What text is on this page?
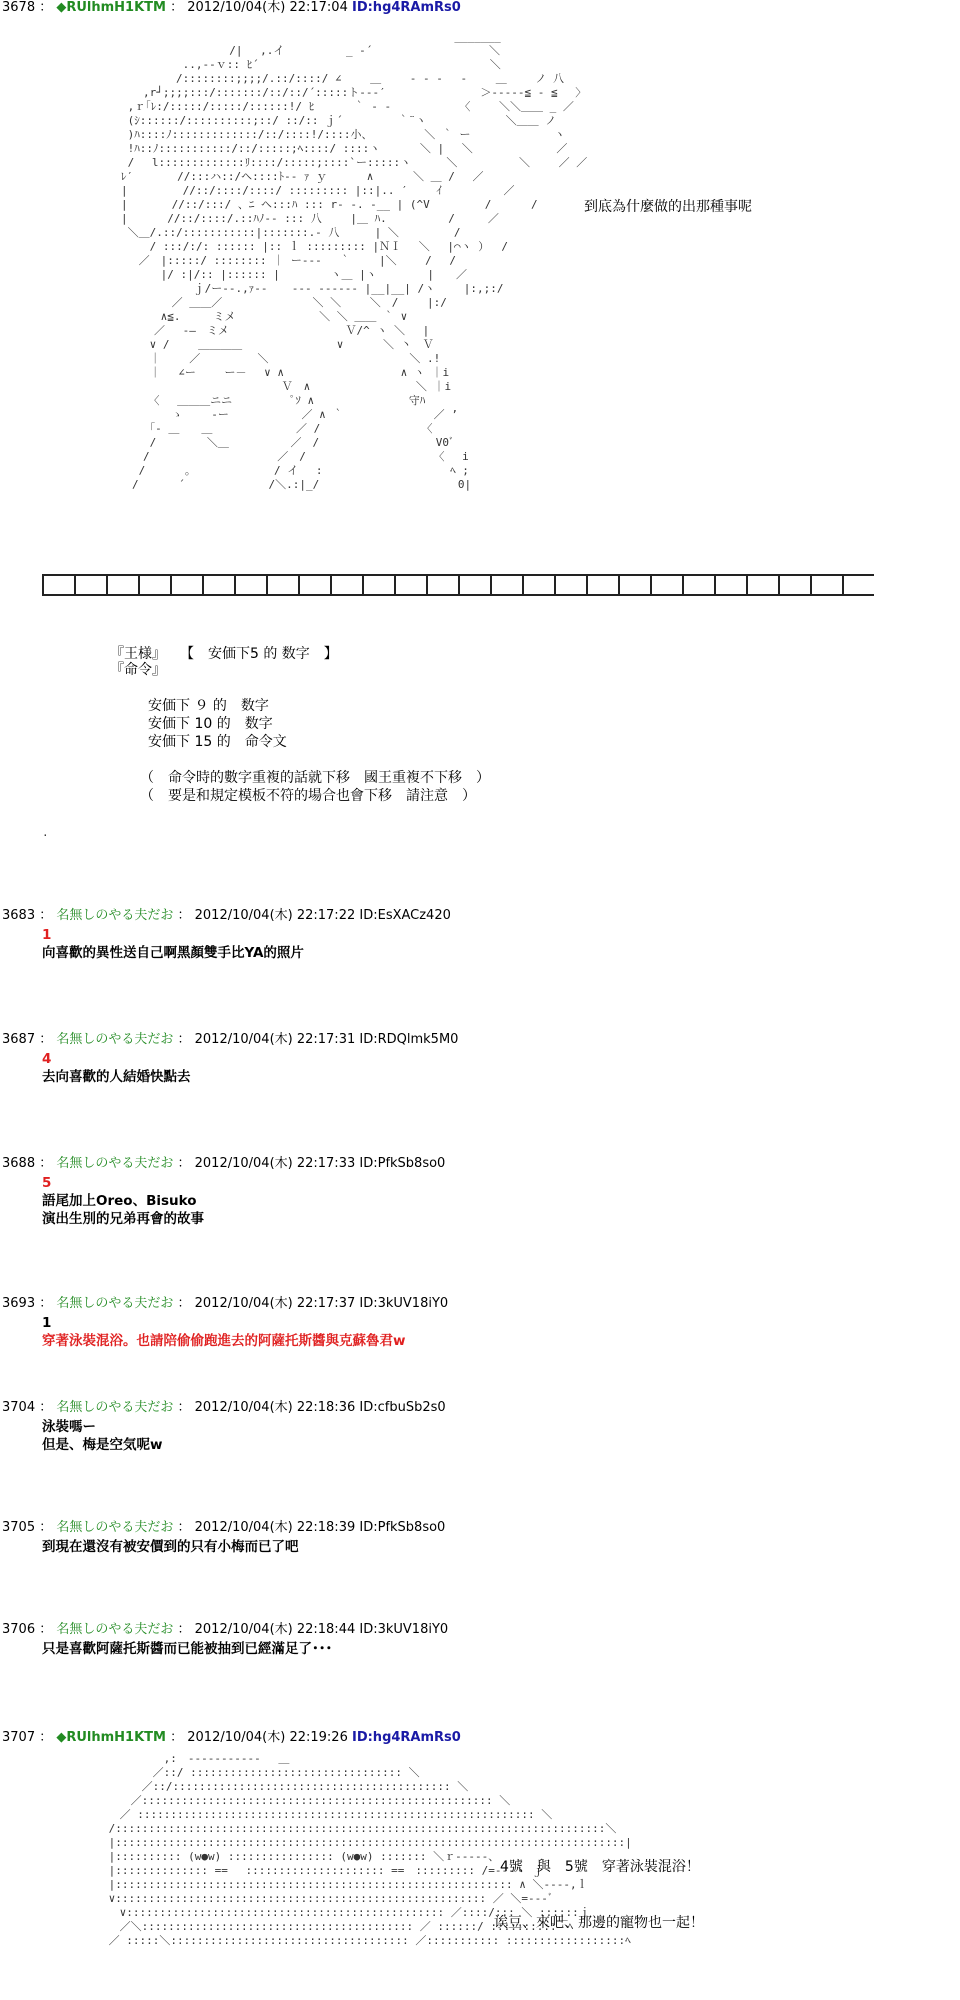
3678 ： ◆RUlhmH1KTM ： 2012/10/04(木) 22:17:04 ID:hg4RAmRs0
_______
/|　 ,.イ　　　　　 _ ‐´　　　　　　　　　　 ＼
　　　　　　 ..,--ｖ:: ﾋ´　　　　　　　　　　　　　　　　　　　　　＼
　　　　　　/::::::::;;;;/.::/::::/ ∠　　 ＿　　 ‐ ‐ ‐　 -　　 ＿　　 ノ 八
　　　,r┘;;;;:::/:::::::/::/::/´:::::ト‐‐‐′　　　　　　　　 ＞‐‐‐‐‐≦ - ≦　 〉
　 ,ｒ｢ﾚ:/:::::/:::::/::::::!/ ﾋ　　　 ｀ ‐ ‐ 　　　　　 〈　　 ＼＼＿＿ _ ／
　 (ｼ::::::/::::::::::;::/ ::/:: ｊ´　　　　　｀¨ヽ　　 　　　　 ＼＿＿ ノ
　 )ﾊ::::ﾉ:::::::::::::/::/::::!/::::小、　 　　　 ＼ ｀ ー　　　　　　　 ヽ
　 !ﾊ::ﾉ:::::::::::/::/:::::;ﾍ::::/ ::::ヽ　　　 ＼ |　 ＼　　　　　　　 ／
　 /　 l:::::::::::::ﾘ::::/:::::;::::`ー:::::ヽ　 　 ＼　　　　　 ＼　　 ／ ／
　ﾚ′　　　　//:::ハ::/ヘ::::ﾄ-‐ ｧ ｙ　　　 ∧　　　 ＼ ＿ / 　／
　|　　　　　//::/::::/::::/ ::::::::: |::|.. ′　　 ｲ　　　　 　／
　|　　　　//::/:::/ 、ﾆ ヘ:::ﾊ ::: r‐ ‐. -__ | (^V　　　　　/　　　 /
　|　　　 //::/::::/.::ﾊﾉ‐‐ ::: 八　　 |＿ ﾊ.　　　　　 /　　　／
　 ＼＿/.::/:::::::::::|:::::::.‐ 八　 　 | ＼　　　　　/
　　　 / :::/:/: :::::: |:: ｌ ::::::::: |ＮⅠ　 ＼　 |⌒ヽ ）　 /
　　 ／　|:::::/ :::::::: ｜ ー‐‐‐　 ｀　　 |＼　　 / 　/
　　　　 |/ :|/:: |:::::: |　　　　 ヽ＿ |ヽ　　　　 |　　／
　　　　　　　 ｊ/ー‐‐.,ｧ‐‐ 　 ‐‐‐ -‐‐‐‐‐ |__|__| /ヽ　　 |:,;:/
　　　　　 ／ ＿＿／　　　　　 　　 ＼ ＼　　 ＼　/　　 |:/
　　　　 ∧≦.　　　ミメ　　　　　　　 ＼ ＼ ＿＿ ｀ ∨
　　　　／　 ‐―　ミメ　　　　　　　　　　 Ｖ/^ ヽ ＼　 |
　　　 ∨ /　　 ＿＿＿＿　　　　　　　　 ∨　　　 ＼ 丶　Ｖ
　　　 ｜　　 ／ 　　　　 ＼　　　　　　 　 　　　　 ＼ .!
　　　 ｜　 ∠ー　　 ー－　 ∨ ∧　　　　　　　　　　 ∧ ヽ ｜i
　　　　　　　　　　　　　　　 Ｖ　∧　　　　　　　　　 ＼ ｜i
　　　　〈　 ＿＿＿ニニ　　　　　 ﾟｿ ∧　　　　　　　　 守ﾊ
　　　　　 ゝ　　 ‐ー　　　　　　 ／ ∧ ｀ 　　　　　　　 ／ ’
　　　 ｢‐ ＿　　＿　　　　　　　 ／ / 　　　　　　　　 〈
　　　 /　　　　 ＼＿　　　　　 ／　/　　　　　　　　　　 V0ﾞ
　　　/　　　　　　　　　　　 ／　/　　　　　　　　　　　 〈　 i
　　 /　　　 ｡　　　　　　　 / イ　 :　　　　　　　　　　　 ﾍ ;
　　/　　　 ´　　　　　　　 /＼.:|_/　　　　　　　　　　　　 0|
到底為什麼做的出那種事呢

『王様』　　 【　安価下5 的 数字　】

『命令』
安価下 ９ 的　数字
安価下 10 的　数字
安価下 15 的　命令文
（　命令時的數字重複的話就下移　國王重複不下移　）
（　要是和規定模板不符的場合也會下移　請注意　）
.
3683 ： 名無しのやる夫だお ： 2012/10/04(木) 22:17:22 ID:EsXACz420
1
向喜歡的異性送自己啊黑顏雙手比YA的照片
3687 ： 名無しのやる夫だお ： 2012/10/04(木) 22:17:31 ID:RDQlmk5M0
4
去向喜歡的人結婚快點去
3688 ： 名無しのやる夫だお ： 2012/10/04(木) 22:17:33 ID:PfkSb8so0
5
語尾加上Oreo、Bisuko
演出生別的兄弟再會的故事
3693 ： 名無しのやる夫だお ： 2012/10/04(木) 22:17:37 ID:3kUV18iY0
1
穿著泳裝混浴。也請陪偷偷跑進去的阿薩托斯醬與克蘇魯君w
3704 ： 名無しのやる夫だお ： 2012/10/04(木) 22:18:36 ID:cfbuSb2s0
泳裝嗎ー
但是、梅是空気呢w
3705 ： 名無しのやる夫だお ： 2012/10/04(木) 22:18:39 ID:PfkSb8so0
到現在還沒有被安價到的只有小梅而已了吧
3706 ： 名無しのやる夫だお ： 2012/10/04(木) 22:18:44 ID:3kUV18iY0
只是喜歡阿薩托斯醬而已能被抽到已經滿足了･･･
3707 ： ◆RUlhmH1KTM ： 2012/10/04(木) 22:19:26 ID:hg4RAmRs0
　　　　　　　 ,:　‐‐‐‐‐‐‐‐‐‐‐　 ＿
　　　　　　 ／::/ :::::::::::::::::::::::::::::::: ＼
　　　　　 ／::/:::::::::::::::::::::::::::::::::::::::::: ＼
　　　　 ／::::::::::::::::::::::::::::::::::::::::::::::::::::: ＼
　　　 ／ :::::::::::::::::::::::::::::::::::::::::::::::::::::::::::: ＼
　　 /::::::::::::::::::::::::::::::::::::::::::::::::::::::::::::::::::::::::::＼
　　 |:::::::::::::::::::::::::::::::::::::::::::::::::::::::::::::::::::::::::::::|
　　 |:::::::::: (w●w) :::::::::::::::: (w●w) ::::::: ＼ｒ-‐-‐-、
　　 |:::::::::::::: ==　 ::::::::::::::::::::: ==　::::::::: /=‐‐‐ヽ ｊ
　　 |:::::::::::::::::::::::::::::::::::::::::::::::::::::::::::: ∧ ＼‐‐‐-,ｌ
　　 ∨:::::::::::::::::::::::::::::::::::::::::::::::::::::::: ／ ＼=‐‐‐ﾞ
　　　 ∨:::::::::::::::::::::::::::::::::::::::::::::::: ／::::/::: ＼ ::::::ｊ
　　　 ／＼::::::::::::::::::::::::::::::::::::::::: ／ ::::::/ ::::::::::￣ﾍ
　　 ／ :::::＼:::::::::::::::::::::::::::::::::::: ／::::::::::: ::::::::::::::::::ﾍ
4號　與　5號　穿著泳裝混浴！
诶豆、來吧、那邊的寵物也一起！
